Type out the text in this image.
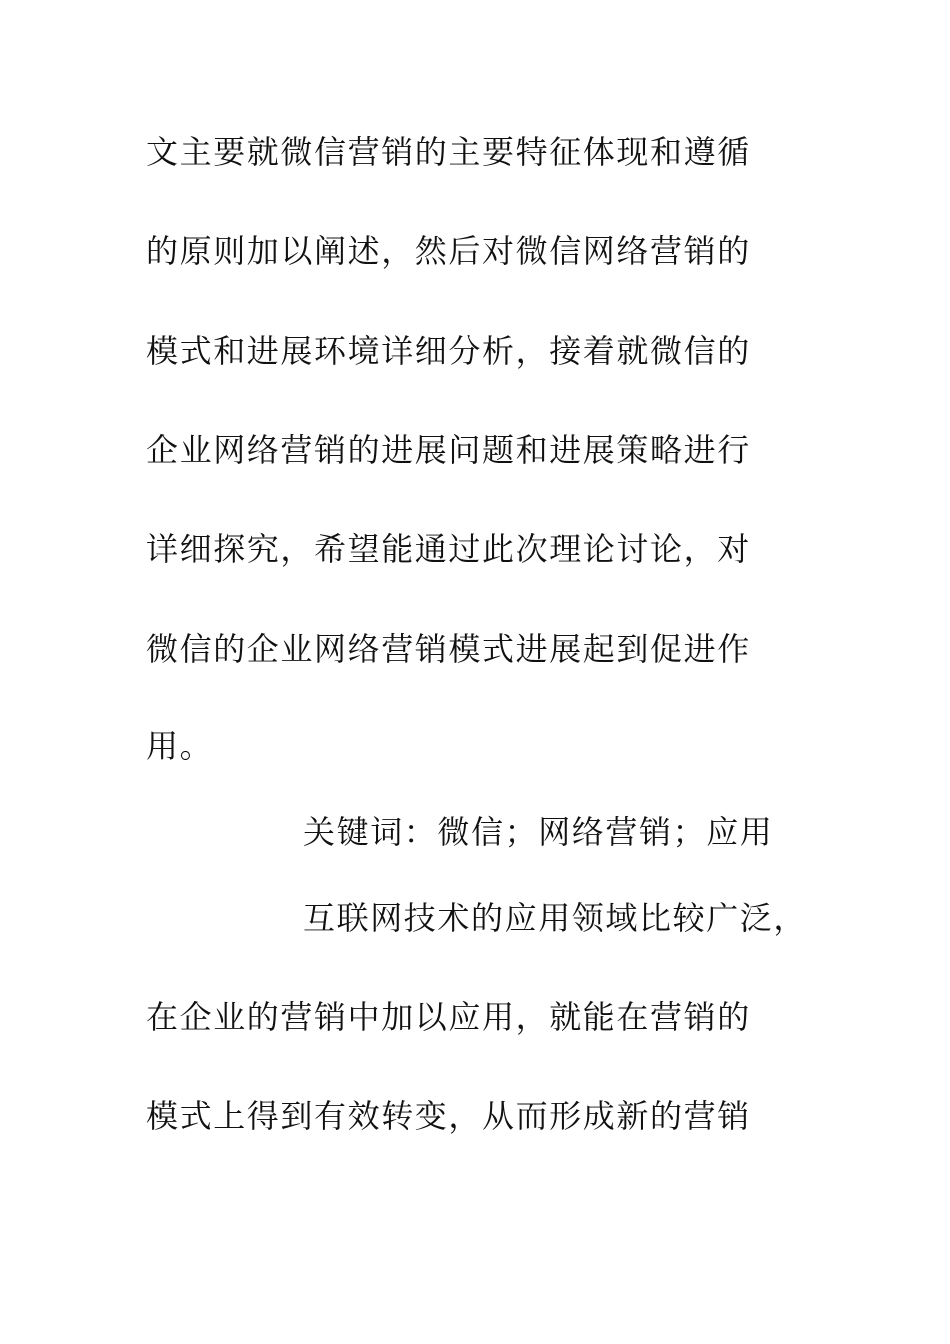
文主要就微信营销的主要特征体现和遵循
的原则加以阐述，然后对微信网络营销的
模式和进展环境详细分析，接着就微信的
企业网络营销的进展问题和进展策略进行
详细探究，希望能通过此次理论讨论，对
微信的企业网络营销模式进展起到促进作
用。
关键词：微信；网络营销；应用
互联网技术的应用领域比较广泛，
在企业的营销中加以应用，就能在营销的
模式上得到有效转变，从而形成新的营销
